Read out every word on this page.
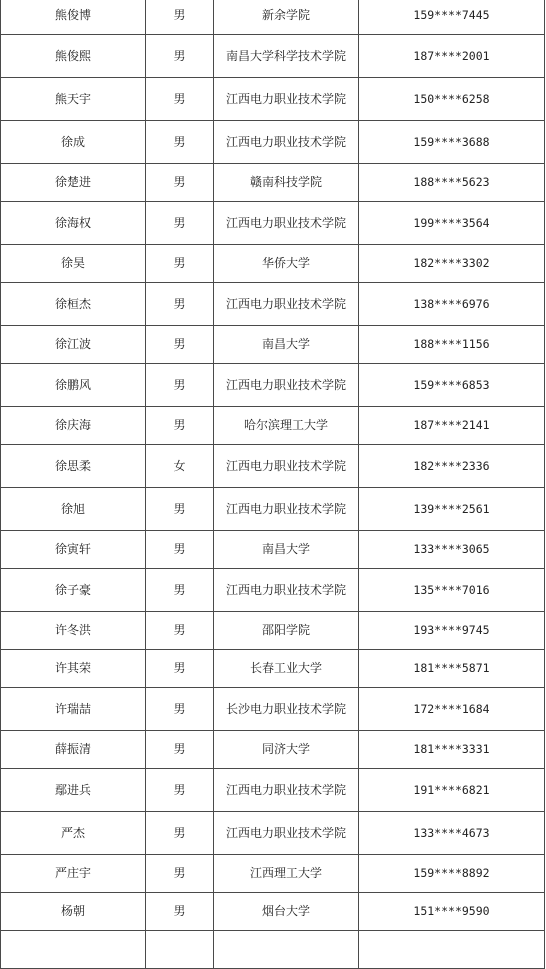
熊俊博	男	新余学院	159****7445
熊俊熙	男	南昌大学科学技术学院	187****2001
熊天宇	男	江西电力职业技术学院	150****6258
徐成	男	江西电力职业技术学院	159****3688
徐楚进	男	赣南科技学院	188****5623
徐海权	男	江西电力职业技术学院	199****3564
徐昊	男	华侨大学	182****3302
徐桓杰	男	江西电力职业技术学院	138****6976
徐江波	男	南昌大学	188****1156
徐鹏风	男	江西电力职业技术学院	159****6853
徐庆海	男	哈尔滨理工大学	187****2141
徐思柔	女	江西电力职业技术学院	182****2336
徐旭	男	江西电力职业技术学院	139****2561
徐寅轩	男	南昌大学	133****3065
徐子豪	男	江西电力职业技术学院	135****7016
许冬洪	男	邵阳学院	193****9745
许其荣	男	长春工业大学	181****5871
许瑞喆	男	长沙电力职业技术学院	172****1684
薛振清	男	同济大学	181****3331
鄢进兵	男	江西电力职业技术学院	191****6821
严杰	男	江西电力职业技术学院	133****4673
严庄宇	男	江西理工大学	159****8892
杨朝	男	烟台大学	151****9590
